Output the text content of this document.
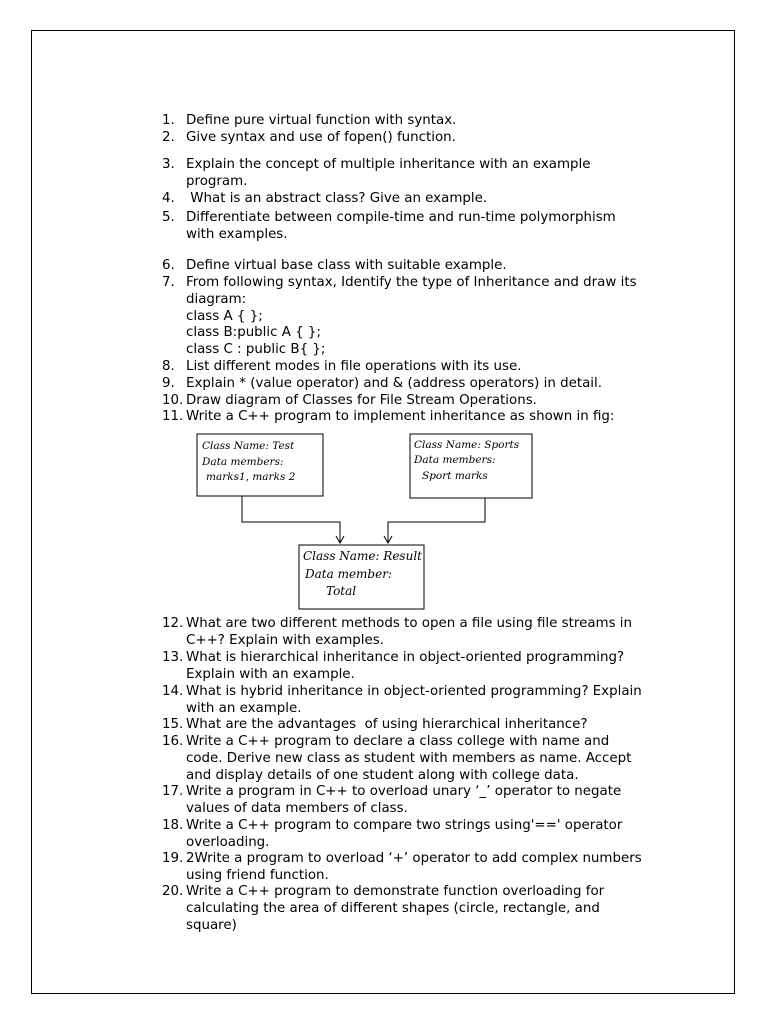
1. Define pure virtual function with syntax.
2. Give syntax and use of fopen() function.
3. Explain the concept of multiple inheritance with an example
program.
4. What is an abstract class? Give an example.
5. Differentiate between compile-time and run-time polymorphism
with examples.
6. Define virtual base class with suitable example.
7. From following syntax, Identify the type of Inheritance and draw its
diagram:
class A { };
class B:public A { };
class C : public B{ };
8. List different modes in file operations with its use.
9. Explain * (value operator) and & (address operators) in detail.
10. Draw diagram of Classes for File Stream Operations.
11. Write a C++ program to implement inheritance as shown in fig:
12. What are two different methods to open a file using file streams in
C++? Explain with examples.
13. What is hierarchical inheritance in object-oriented programming?
Explain with an example.
14. What is hybrid inheritance in object-oriented programming? Explain
with an example.
15. What are the advantages  of using hierarchical inheritance?
16. Write a C++ program to declare a class college with name and
code. Derive new class as student with members as name. Accept
and display details of one student along with college data.
17. Write a program in C++ to overload unary ‘_’ operator to negate
values of data members of class.
18. Write a C++ program to compare two strings using'==' operator
overloading.
19. 2Write a program to overload ‘+’ operator to add complex numbers
using friend function.
20. Write a C++ program to demonstrate function overloading for
calculating the area of different shapes (circle, rectangle, and
square)
Class Name: Test
Data members:
marks1, marks 2
Class Name: Sports
Data members:
Sport marks
Class Name: Result
Data member:
Total
